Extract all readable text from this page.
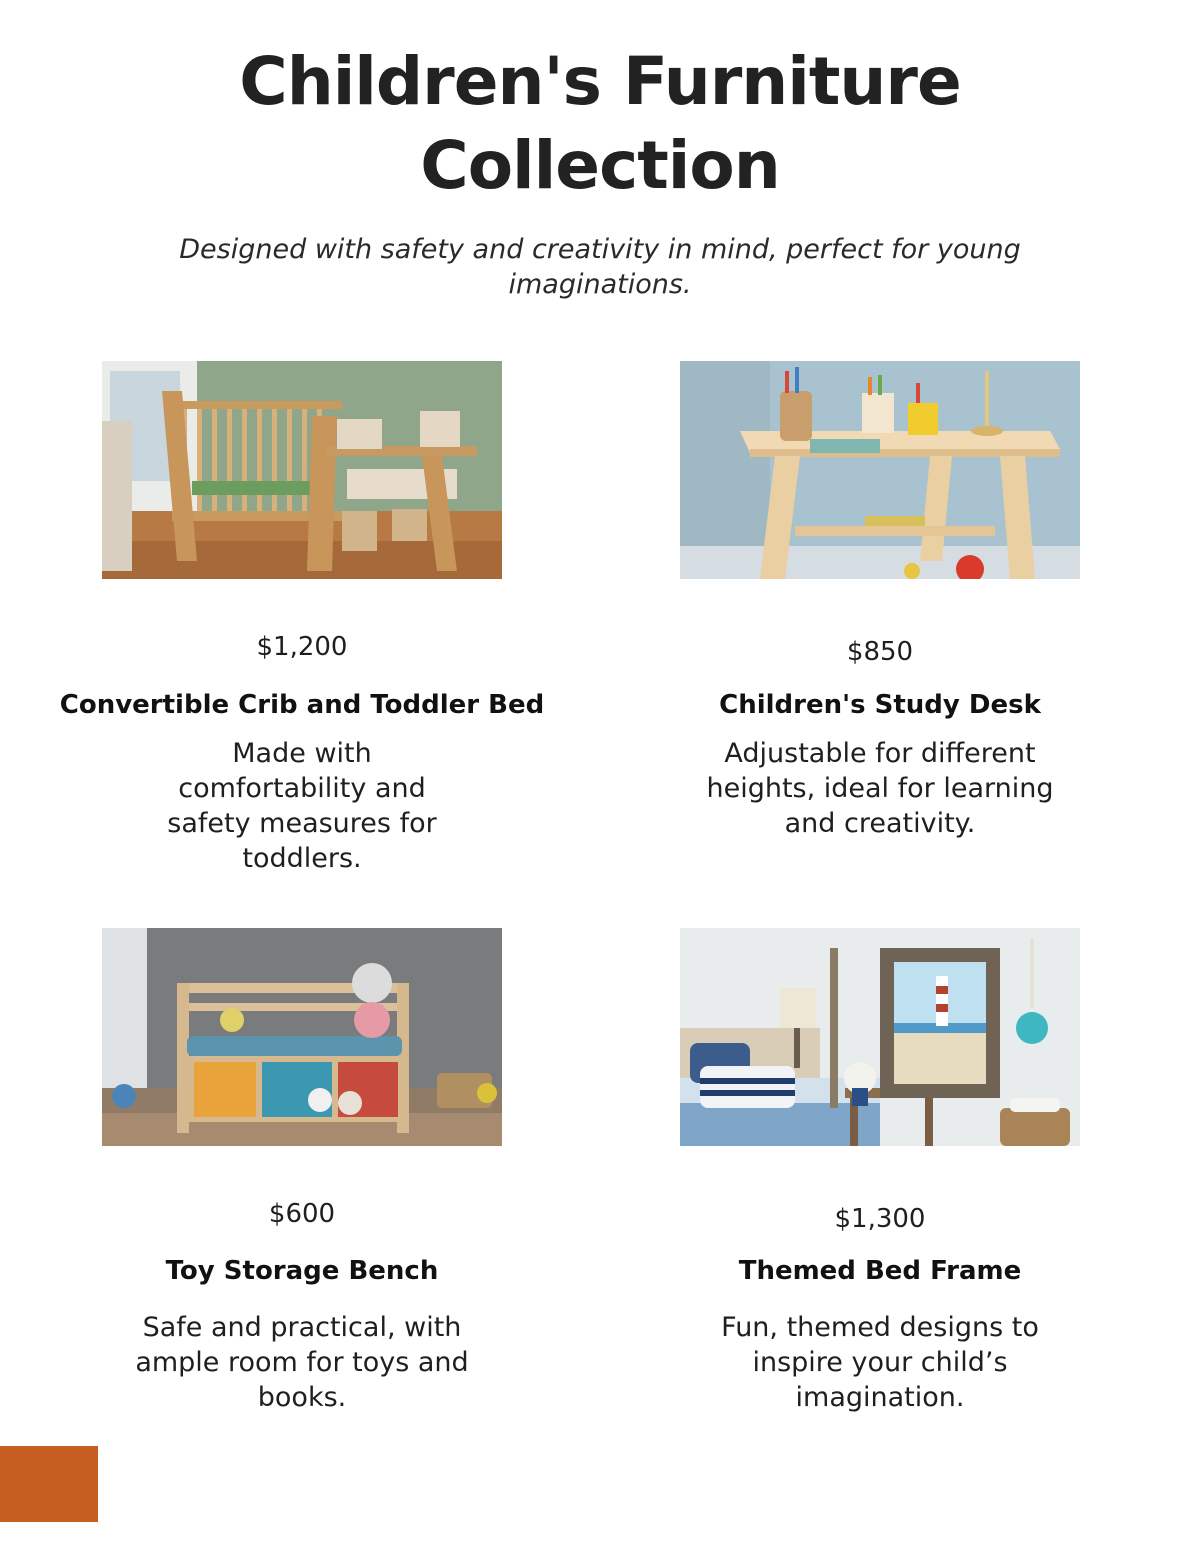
Children's Furniture Collection

Designed with safety and creativity in mind, perfect for young imaginations.

$1,200
Convertible Crib and Toddler Bed

Made with comfortability and safety measures for toddlers.

$850
Children's Study Desk

Adjustable for different heights, ideal for learning and creativity.

$600
Toy Storage Bench

Safe and practical, with ample room for toys and books.

$1,300
Themed Bed Frame

Fun, themed designs to inspire your child’s imagination.
